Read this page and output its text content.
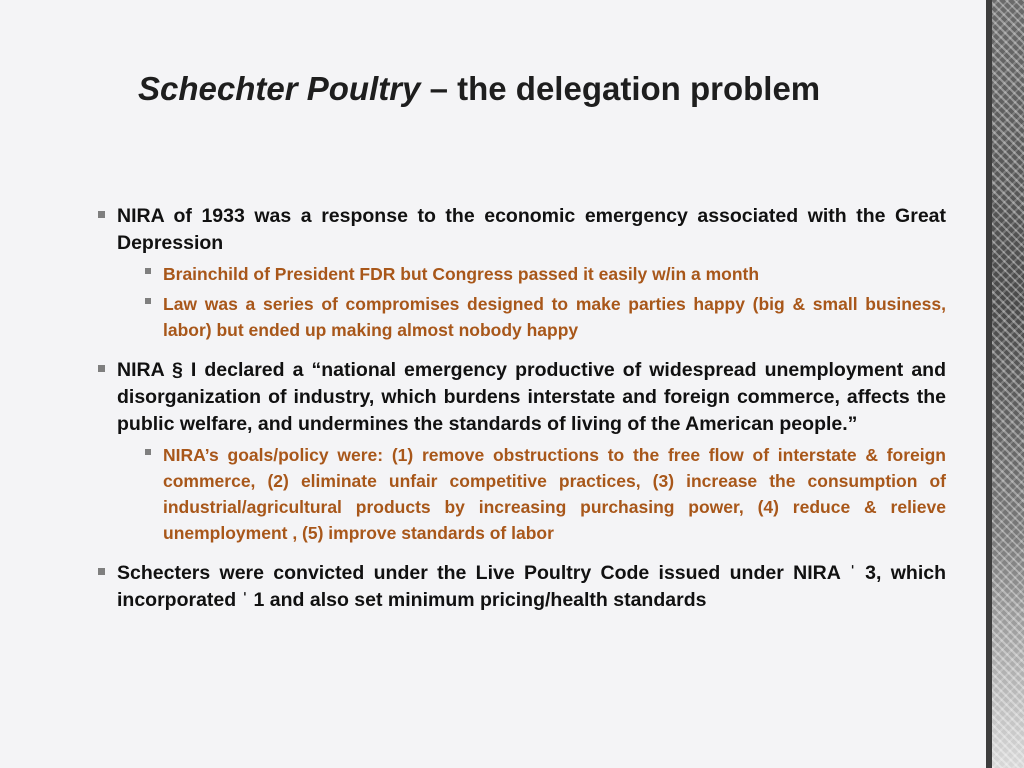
Schechter Poultry – the delegation problem
NIRA of 1933 was a response to the economic emergency associated with the Great Depression
Brainchild of President FDR but Congress passed it easily w/in a month
Law was a series of compromises designed to make parties happy (big & small business, labor) but ended up making almost nobody happy
NIRA § I declared a “national emergency productive of widespread unemployment and disorganization of industry, which burdens interstate and foreign commerce, affects the public welfare, and undermines the standards of living of the American people.”
NIRA’s goals/policy were: (1) remove obstructions to the free flow of interstate & foreign commerce, (2) eliminate unfair competitive practices, (3) increase the consumption of industrial/agricultural products by increasing purchasing power, (4) reduce & relieve unemployment , (5) improve standards of labor
Schecters were convicted under the Live Poultry Code issued under NIRA ˈ 3, which incorporated ˈ 1 and also set minimum pricing/health standards
